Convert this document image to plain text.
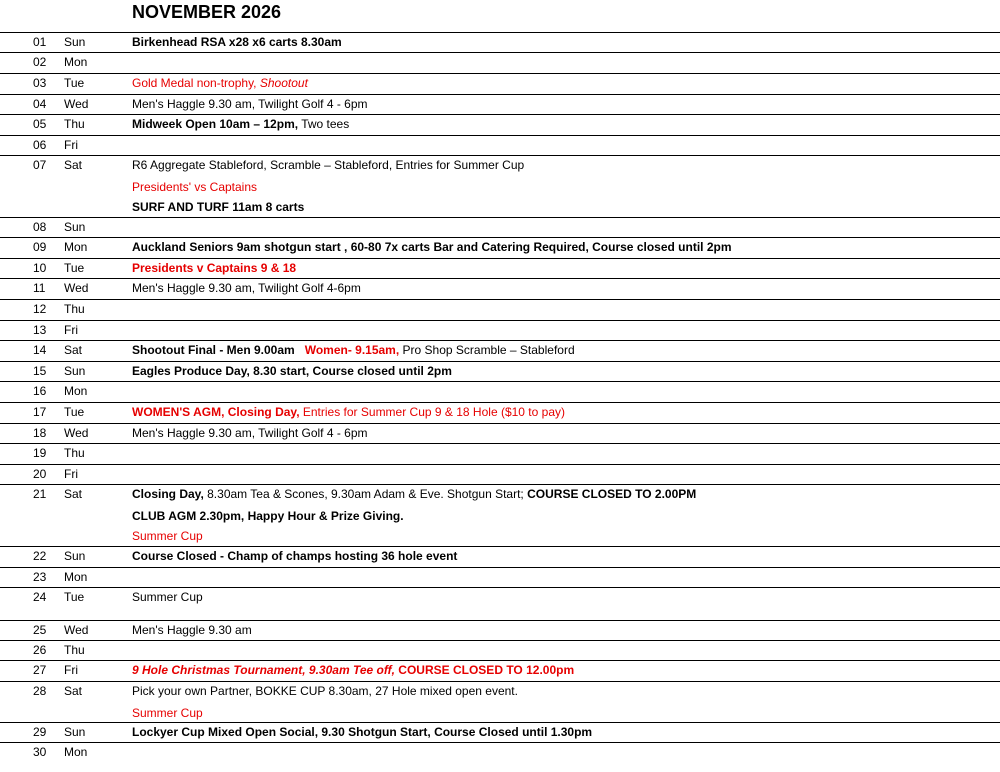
NOVEMBER 2026
01 Sun	Birkenhead RSA x28 x6 carts 8.30am
02 Mon
03 Tue	Gold Medal non-trophy, Shootout
04 Wed	Men's Haggle 9.30 am, Twilight Golf 4 - 6pm
05 Thu	Midweek Open 10am – 12pm, Two tees
06 Fri
07 Sat	R6 Aggregate Stableford, Scramble – Stableford, Entries for Summer Cup
Presidents' vs Captains
SURF AND TURF 11am 8 carts
08 Sun
09 Mon	Auckland Seniors 9am shotgun start , 60-80 7x carts Bar and Catering Required, Course closed until 2pm
10 Tue	Presidents v Captains 9 & 18
11 Wed	Men's Haggle 9.30 am, Twilight Golf 4-6pm
12 Thu
13 Fri
14 Sat	Shootout Final - Men 9.00am Women- 9.15am, Pro Shop Scramble – Stableford
15 Sun	Eagles Produce Day, 8.30 start, Course closed until 2pm
16 Mon
17 Tue	WOMEN'S AGM, Closing Day, Entries for Summer Cup 9 & 18 Hole ($10 to pay)
18 Wed	Men's Haggle 9.30 am, Twilight Golf 4 - 6pm
19 Thu
20 Fri
21 Sat	Closing Day, 8.30am Tea & Scones, 9.30am Adam & Eve. Shotgun Start; COURSE CLOSED TO 2.00PM
CLUB AGM 2.30pm, Happy Hour & Prize Giving.
Summer Cup
22 Sun	Course Closed - Champ of champs hosting 36 hole event
23 Mon
24 Tue	Summer Cup
25 Wed	Men's Haggle 9.30 am
26 Thu
27 Fri	9 Hole Christmas Tournament, 9.30am Tee off, COURSE CLOSED TO 12.00pm
28 Sat	Pick your own Partner, BOKKE CUP 8.30am, 27 Hole mixed open event.
Summer Cup
29 Sun	Lockyer Cup Mixed Open Social, 9.30 Shotgun Start, Course Closed until 1.30pm
30 Mon
